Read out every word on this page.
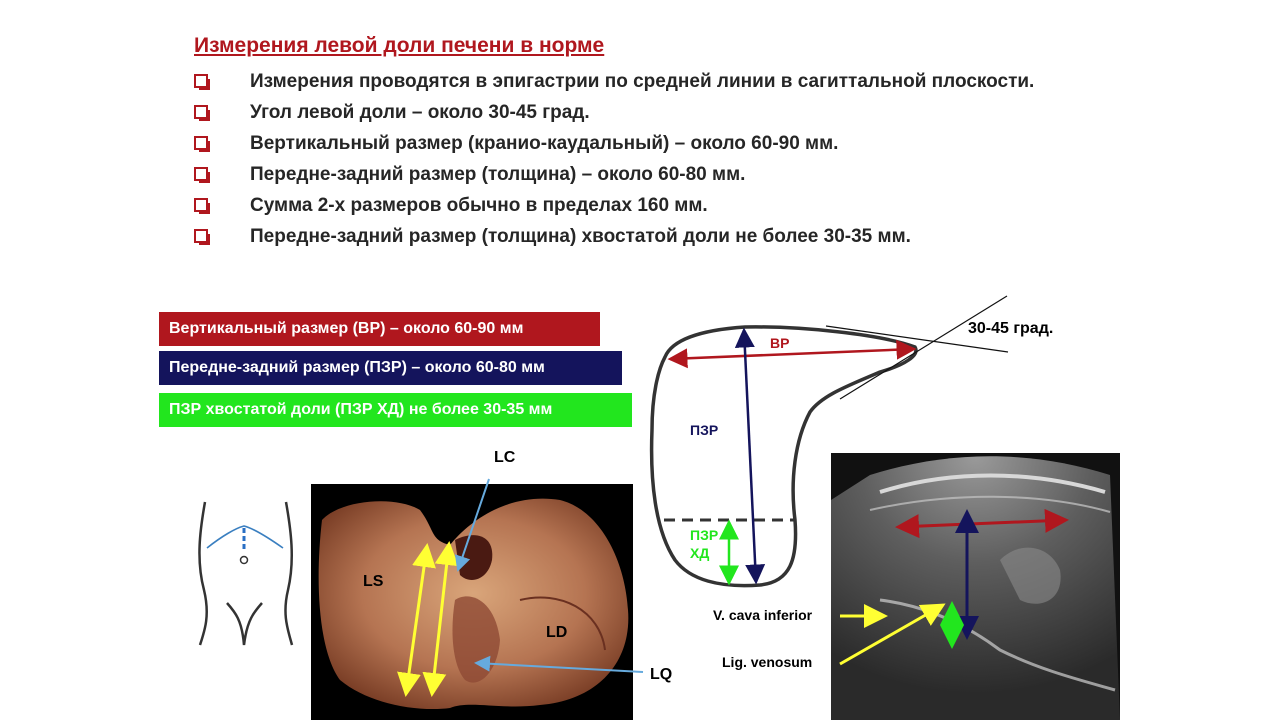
Измерения левой доли печени в норме
Измерения проводятся в эпигастрии по средней линии в сагиттальной плоскости.
Угол левой доли – около 30-45 град.
Вертикальный размер (кранио-каудальный) – около 60-90 мм.
Передне-задний размер (толщина) – около 60-80 мм.
Сумма 2-х размеров обычно в пределах 160 мм.
Передне-задний размер (толщина) хвостатой доли не более 30-35 мм.
Вертикальный размер (ВР) – около 60-90 мм
Передне-задний размер (ПЗР) – около 60-80 мм
ПЗР хвостатой доли (ПЗР ХД) не более 30-35 мм
LC
LS
LD
LQ
ВР
ПЗР
ПЗР
ХД
30-45 град.
V. cava inferior
Lig. venosum
